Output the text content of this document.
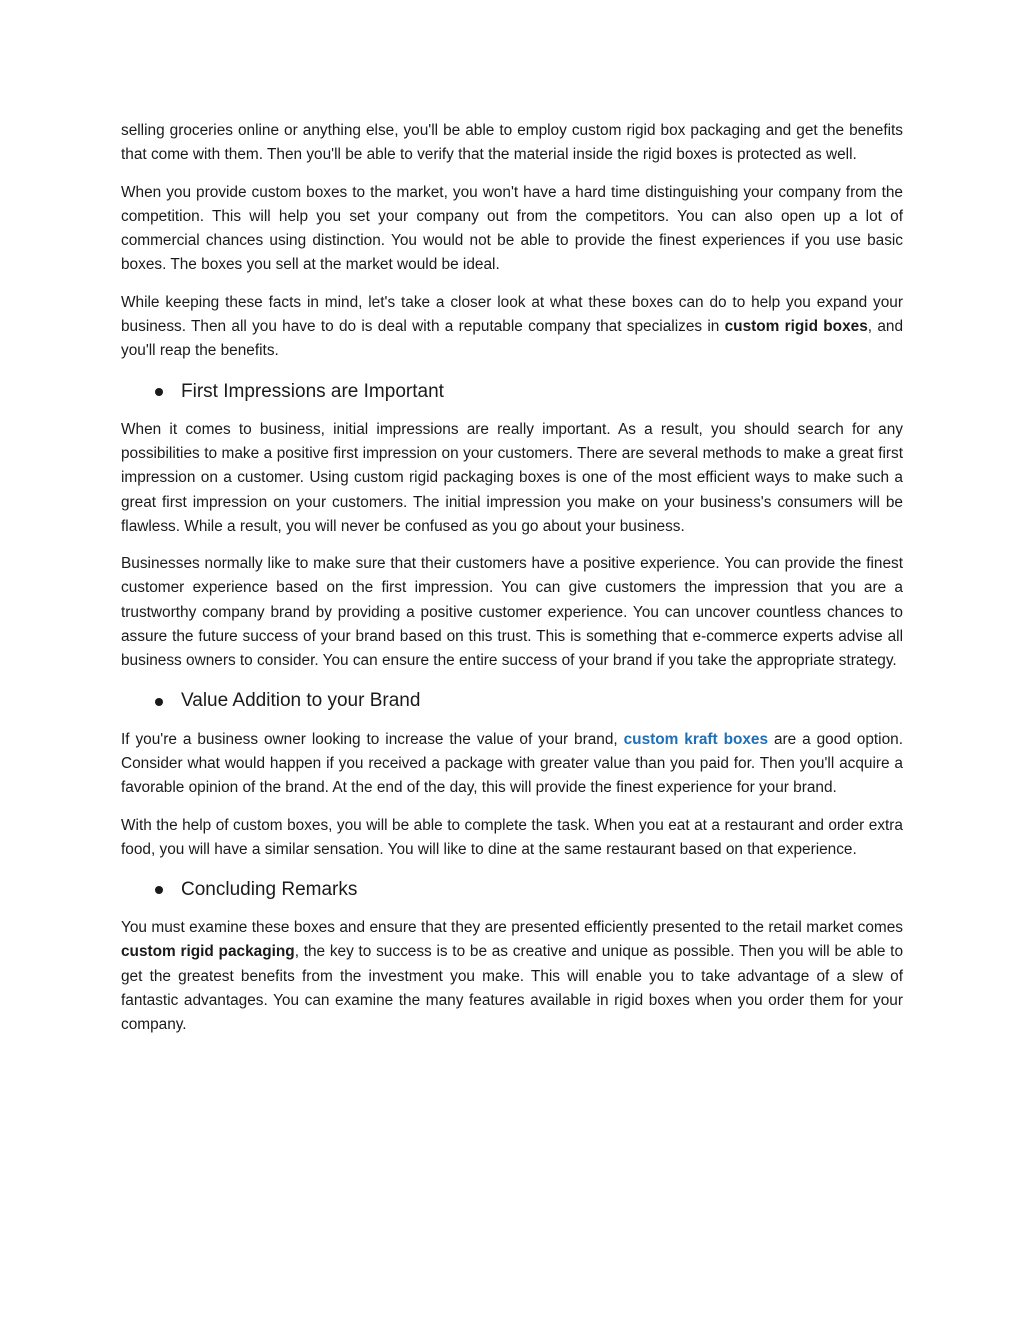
selling groceries online or anything else, you'll be able to employ custom rigid box packaging and get the benefits that come with them. Then you'll be able to verify that the material inside the rigid boxes is protected as well.

When you provide custom boxes to the market, you won't have a hard time distinguishing your company from the competition. This will help you set your company out from the competitors. You can also open up a lot of commercial chances using distinction. You would not be able to provide the finest experiences if you use basic boxes. The boxes you sell at the market would be ideal.

While keeping these facts in mind, let's take a closer look at what these boxes can do to help you expand your business. Then all you have to do is deal with a reputable company that specializes in custom rigid boxes, and you'll reap the benefits.

First Impressions are Important

When it comes to business, initial impressions are really important. As a result, you should search for any possibilities to make a positive first impression on your customers. There are several methods to make a great first impression on a customer. Using custom rigid packaging boxes is one of the most efficient ways to make such a great first impression on your customers. The initial impression you make on your business's consumers will be flawless. While a result, you will never be confused as you go about your business.

Businesses normally like to make sure that their customers have a positive experience. You can provide the finest customer experience based on the first impression. You can give customers the impression that you are a trustworthy company brand by providing a positive customer experience. You can uncover countless chances to assure the future success of your brand based on this trust. This is something that e-commerce experts advise all business owners to consider. You can ensure the entire success of your brand if you take the appropriate strategy.

Value Addition to your Brand

If you're a business owner looking to increase the value of your brand, custom kraft boxes are a good option. Consider what would happen if you received a package with greater value than you paid for. Then you'll acquire a favorable opinion of the brand. At the end of the day, this will provide the finest experience for your brand.

With the help of custom boxes, you will be able to complete the task. When you eat at a restaurant and order extra food, you will have a similar sensation. You will like to dine at the same restaurant based on that experience.

Concluding Remarks

You must examine these boxes and ensure that they are presented efficiently presented to the retail market comes custom rigid packaging, the key to success is to be as creative and unique as possible. Then you will be able to get the greatest benefits from the investment you make. This will enable you to take advantage of a slew of fantastic advantages. You can examine the many features available in rigid boxes when you order them for your company.
